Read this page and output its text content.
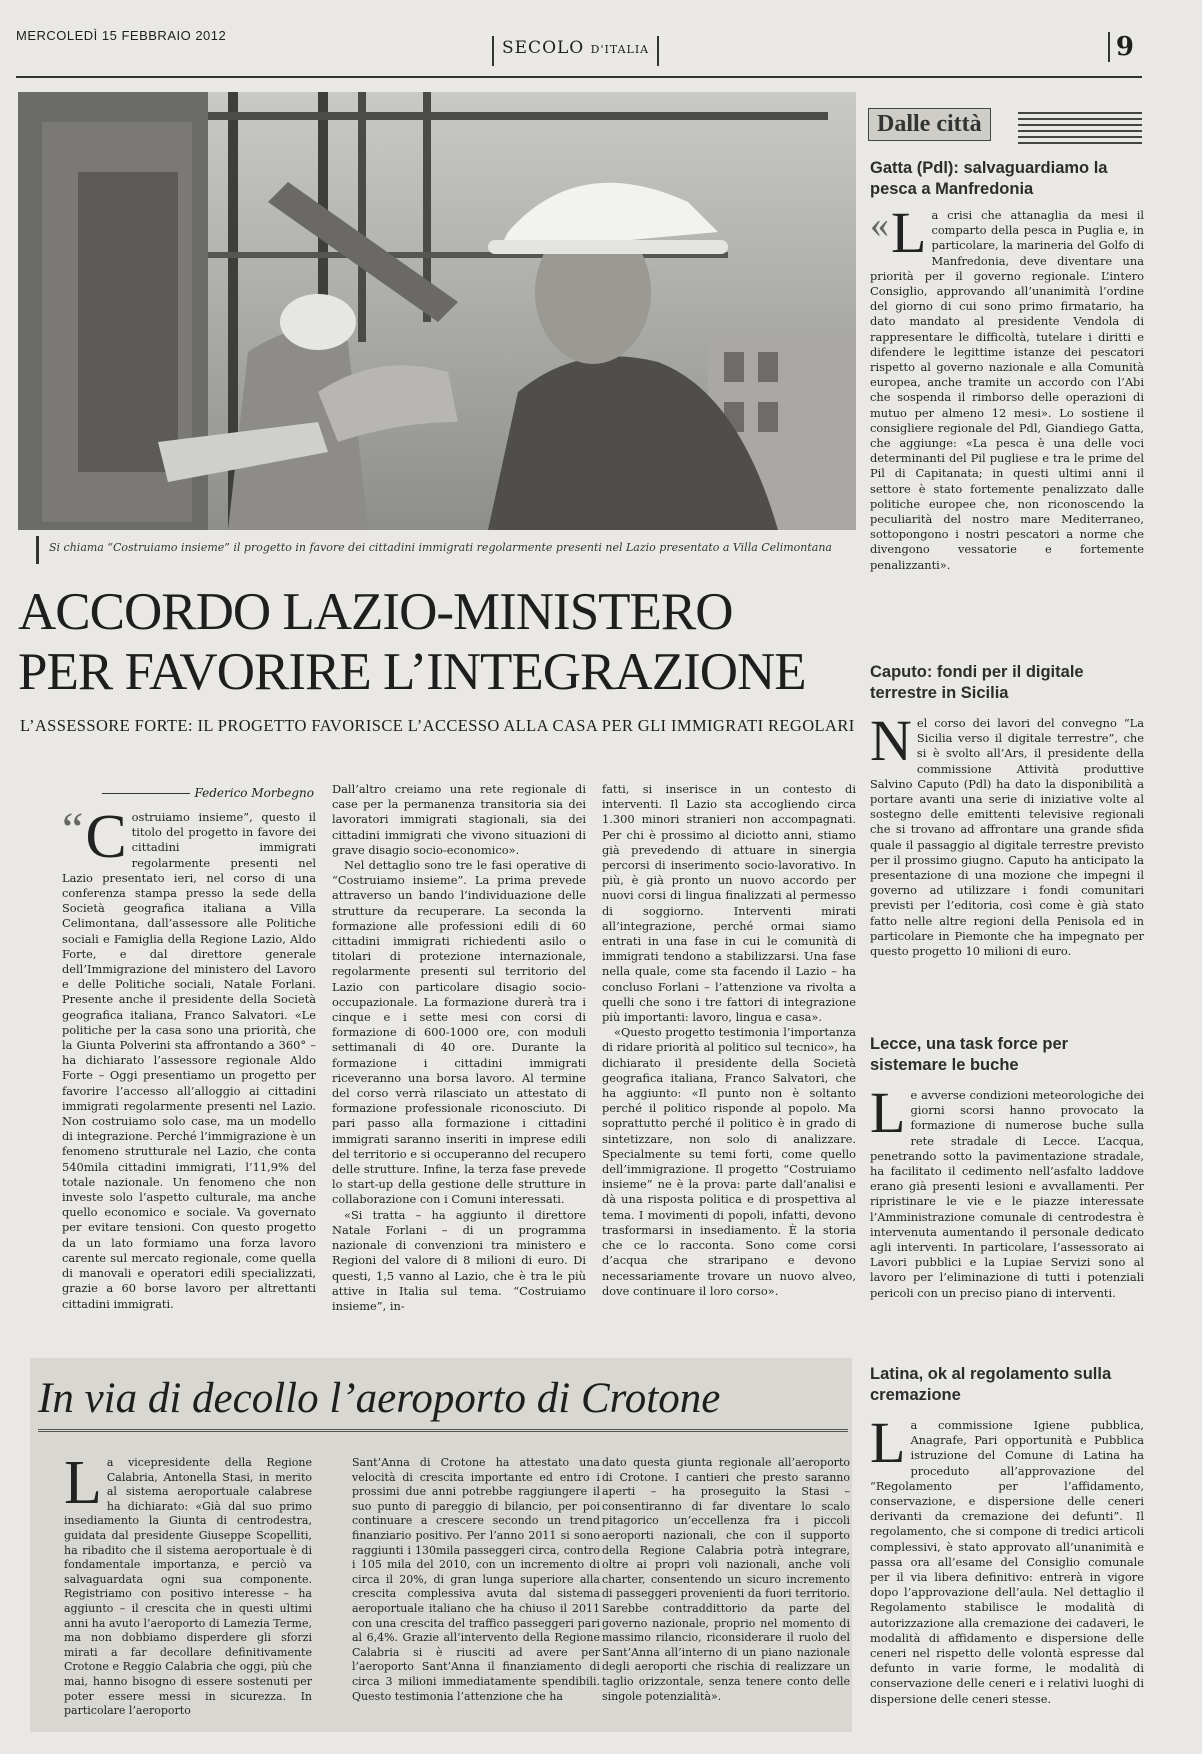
MERCOLEDÌ 15 FEBBRAIO 2012
SECOLO D'ITALIA	9
Si chiama “Costruiamo insieme” il progetto in favore dei cittadini immigrati regolarmente presenti nel Lazio presentato a Villa Celimontana
ACCORDO LAZIO-MINISTERO
PER FAVORIRE L’INTEGRAZIONE
L’ASSESSORE FORTE: IL PROGETTO FAVORISCE L’ACCESSO ALLA CASA PER GLI IMMIGRATI REGOLARI
Federico Morbegno
“ C ostruiamo insieme”, questo il titolo del progetto in favore dei cittadini immigrati regolarmente presenti nel Lazio presentato ieri, nel corso di una conferenza stampa presso la sede della Società geografica italiana a Villa Celimontana, dall’assessore alle Politiche sociali e Famiglia della Regione Lazio, Aldo Forte, e dal direttore generale dell’Immigrazione del ministero del Lavoro e delle Politiche sociali, Natale Forlani. Presente anche il presidente della Società geografica italiana, Franco Salvatori. «Le politiche per la casa sono una priorità, che la Giunta Polverini sta affrontando a 360° – ha dichiarato l’assessore regionale Aldo Forte – Oggi presentiamo un progetto per favorire l’accesso all’alloggio ai cittadini immigrati regolarmente presenti nel Lazio. Non costruiamo solo case, ma un modello di integrazione. Perché l’immigrazione è un fenomeno strutturale nel Lazio, che conta 540mila cittadini immigrati, l’11,9% del totale nazionale. Un fenomeno che non investe solo l’aspetto culturale, ma anche quello economico e sociale. Va governato per evitare tensioni. Con questo progetto da un lato formiamo una forza lavoro carente sul mercato regionale, come quella di manovali e operatori edili specializzati, grazie a 60 borse lavoro per altrettanti cittadini immigrati.

Dall’altro creiamo una rete regionale di case per la permanenza transitoria sia dei lavoratori immigrati stagionali, sia dei cittadini immigrati che vivono situazioni di grave disagio socio-economico».

Nel dettaglio sono tre le fasi operative di “Costruiamo insieme”. La prima prevede attraverso un bando l’individuazione delle strutture da recuperare. La seconda la formazione alle professioni edili di 60 cittadini immigrati richiedenti asilo o titolari di protezione internazionale, regolarmente presenti sul territorio del Lazio con particolare disagio socio-occupazionale. La formazione durerà tra i cinque e i sette mesi con corsi di formazione di 600-1000 ore, con moduli settimanali di 40 ore. Durante la formazione i cittadini immigrati riceveranno una borsa lavoro. Al termine del corso verrà rilasciato un attestato di formazione professionale riconosciuto. Di pari passo alla formazione i cittadini immigrati saranno inseriti in imprese edili del territorio e si occuperanno del recupero delle strutture. Infine, la terza fase prevede lo start-up della gestione delle strutture in collaborazione con i Comuni interessati.

«Si tratta – ha aggiunto il direttore Natale Forlani – di un programma nazionale di convenzioni tra ministero e Regioni del valore di 8 milioni di euro. Di questi, 1,5 vanno al Lazio, che è tra le più attive in Italia sul tema. “Costruiamo insieme”, in-

fatti, si inserisce in un contesto di interventi. Il Lazio sta accogliendo circa 1.300 minori stranieri non accompagnati. Per chi è prossimo al diciotto anni, stiamo già prevedendo di attuare in sinergia percorsi di inserimento socio-lavorativo. In più, è già pronto un nuovo accordo per nuovi corsi di lingua finalizzati al permesso di soggiorno. Interventi mirati all’integrazione, perché ormai siamo entrati in una fase in cui le comunità di immigrati tendono a stabilizzarsi. Una fase nella quale, come sta facendo il Lazio – ha concluso Forlani – l’attenzione va rivolta a quelli che sono i tre fattori di integrazione più importanti: lavoro, lingua e casa».

«Questo progetto testimonia l’importanza di ridare priorità al politico sul tecnico», ha dichiarato il presidente della Società geografica italiana, Franco Salvatori, che ha aggiunto: «Il punto non è soltanto perché il politico risponde al popolo. Ma soprattutto perché il politico è in grado di sintetizzare, non solo di analizzare. Specialmente su temi forti, come quello dell’immigrazione. Il progetto “Costruiamo insieme” ne è la prova: parte dall’analisi e dà una risposta politica e di prospettiva al tema. I movimenti di popoli, infatti, devono trasformarsi in insediamento. È la storia che ce lo racconta. Sono come corsi d’acqua che straripano e devono necessariamente trovare un nuovo alveo, dove continuare il loro corso».

In via di decollo l’aeroporto di Crotone
L a vicepresidente della Regione Calabria, Antonella Stasi, in merito al sistema aeroportuale calabrese ha dichiarato: «Già dal suo primo insediamento la Giunta di centrodestra, guidata dal presidente Giuseppe Scopelliti, ha ribadito che il sistema aeroportuale è di fondamentale importanza, e perciò va salvaguardata ogni sua componente. Registriamo con positivo interesse – ha aggiunto – il crescita che in questi ultimi anni ha avuto l’aeroporto di Lamezia Terme, ma non dobbiamo disperdere gli sforzi mirati a far decollare definitivamente Crotone e Reggio Calabria che oggi, più che mai, hanno bisogno di essere sostenuti per poter essere messi in sicurezza. In particolare l’aeroporto
Sant’Anna di Crotone ha attestato una velocità di crescita importante ed entro i prossimi due anni potrebbe raggiungere il suo punto di pareggio di bilancio, per poi continuare a crescere secondo un trend finanziario positivo. Per l’anno 2011 si sono raggiunti i 130mila passeggeri circa, contro i 105 mila del 2010, con un incremento di circa il 20%, di gran lunga superiore alla crescita complessiva avuta dal sistema aeroportuale italiano che ha chiuso il 2011 con una crescita del traffico passeggeri pari al 6,4%. Grazie all’intervento della Regione Calabria si è riusciti ad avere per l’aeroporto Sant’Anna il finanziamento di circa 3 milioni immediatamente spendibili. Questo testimonia l’attenzione che ha
dato questa giunta regionale all’aeroporto di Crotone. I cantieri che presto saranno aperti – ha proseguito la Stasi – consentiranno di far diventare lo scalo pitagorico un’eccellenza fra i piccoli aeroporti nazionali, che con il supporto della Regione Calabria potrà integrare, oltre ai propri voli nazionali, anche voli charter, consentendo un sicuro incremento di passeggeri provenienti da fuori territorio. Sarebbe contraddittorio da parte del governo nazionale, proprio nel momento di massimo rilancio, riconsiderare il ruolo del Sant’Anna all’interno di un piano nazionale degli aeroporti che rischia di realizzare un taglio orizzontale, senza tenere conto delle singole potenzialità».
Dalle città
Gatta (Pdl): salvaguardiamo la pesca a Manfredonia
« L a crisi che attanaglia da mesi il comparto della pesca in Puglia e, in particolare, la marineria del Golfo di Manfredonia, deve diventare una priorità per il governo regionale. L’intero Consiglio, approvando all’unanimità l’ordine del giorno di cui sono primo firmatario, ha dato mandato al presidente Vendola di rappresentare le difficoltà, tutelare i diritti e difendere le legittime istanze dei pescatori rispetto al governo nazionale e alla Comunità europea, anche tramite un accordo con l’Abi che sospenda il rimborso delle operazioni di mutuo per almeno 12 mesi». Lo sostiene il consigliere regionale del Pdl, Giandiego Gatta, che aggiunge: «La pesca è una delle voci determinanti del Pil pugliese e tra le prime del Pil di Capitanata; in questi ultimi anni il settore è stato fortemente penalizzato dalle politiche europee che, non riconoscendo la peculiarità del nostro mare Mediterraneo, sottopongono i nostri pescatori a norme che divengono vessatorie e fortemente penalizzanti».
Caputo: fondi per il digitale terrestre in Sicilia
N el corso dei lavori del convegno “La Sicilia verso il digitale terrestre”, che si è svolto all’Ars, il presidente della commissione Attività produttive Salvino Caputo (Pdl) ha dato la disponibilità a portare avanti una serie di iniziative volte al sostegno delle emittenti televisive regionali che si trovano ad affrontare una grande sfida quale il passaggio al digitale terrestre previsto per il prossimo giugno. Caputo ha anticipato la presentazione di una mozione che impegni il governo ad utilizzare i fondi comunitari previsti per l’editoria, così come è già stato fatto nelle altre regioni della Penisola ed in particolare in Piemonte che ha impegnato per questo progetto 10 milioni di euro.
Lecce, una task force per sistemare le buche
L e avverse condizioni meteorologiche dei giorni scorsi hanno provocato la formazione di numerose buche sulla rete stradale di Lecce. L’acqua, penetrando sotto la pavimentazione stradale, ha facilitato il cedimento nell’asfalto laddove erano già presenti lesioni e avvallamenti. Per ripristinare le vie e le piazze interessate l’Amministrazione comunale di centrodestra è intervenuta aumentando il personale dedicato agli interventi. In particolare, l’assessorato ai Lavori pubblici e la Lupiae Servizi sono al lavoro per l’eliminazione di tutti i potenziali pericoli con un preciso piano di interventi.
Latina, ok al regolamento sulla cremazione
L a commissione Igiene pubblica, Anagrafe, Pari opportunità e Pubblica istruzione del Comune di Latina ha proceduto all’approvazione del “Regolamento per l’affidamento, conservazione, e dispersione delle ceneri derivanti da cremazione dei defunti”. Il regolamento, che si compone di tredici articoli complessivi, è stato approvato all’unanimità e passa ora all’esame del Consiglio comunale per il via libera definitivo: entrerà in vigore dopo l’approvazione dell’aula. Nel dettaglio il Regolamento stabilisce le modalità di autorizzazione alla cremazione dei cadaveri, le modalità di affidamento e dispersione delle ceneri nel rispetto delle volontà espresse dal defunto in varie forme, le modalità di conservazione delle ceneri e i relativi luoghi di dispersione delle ceneri stesse.
